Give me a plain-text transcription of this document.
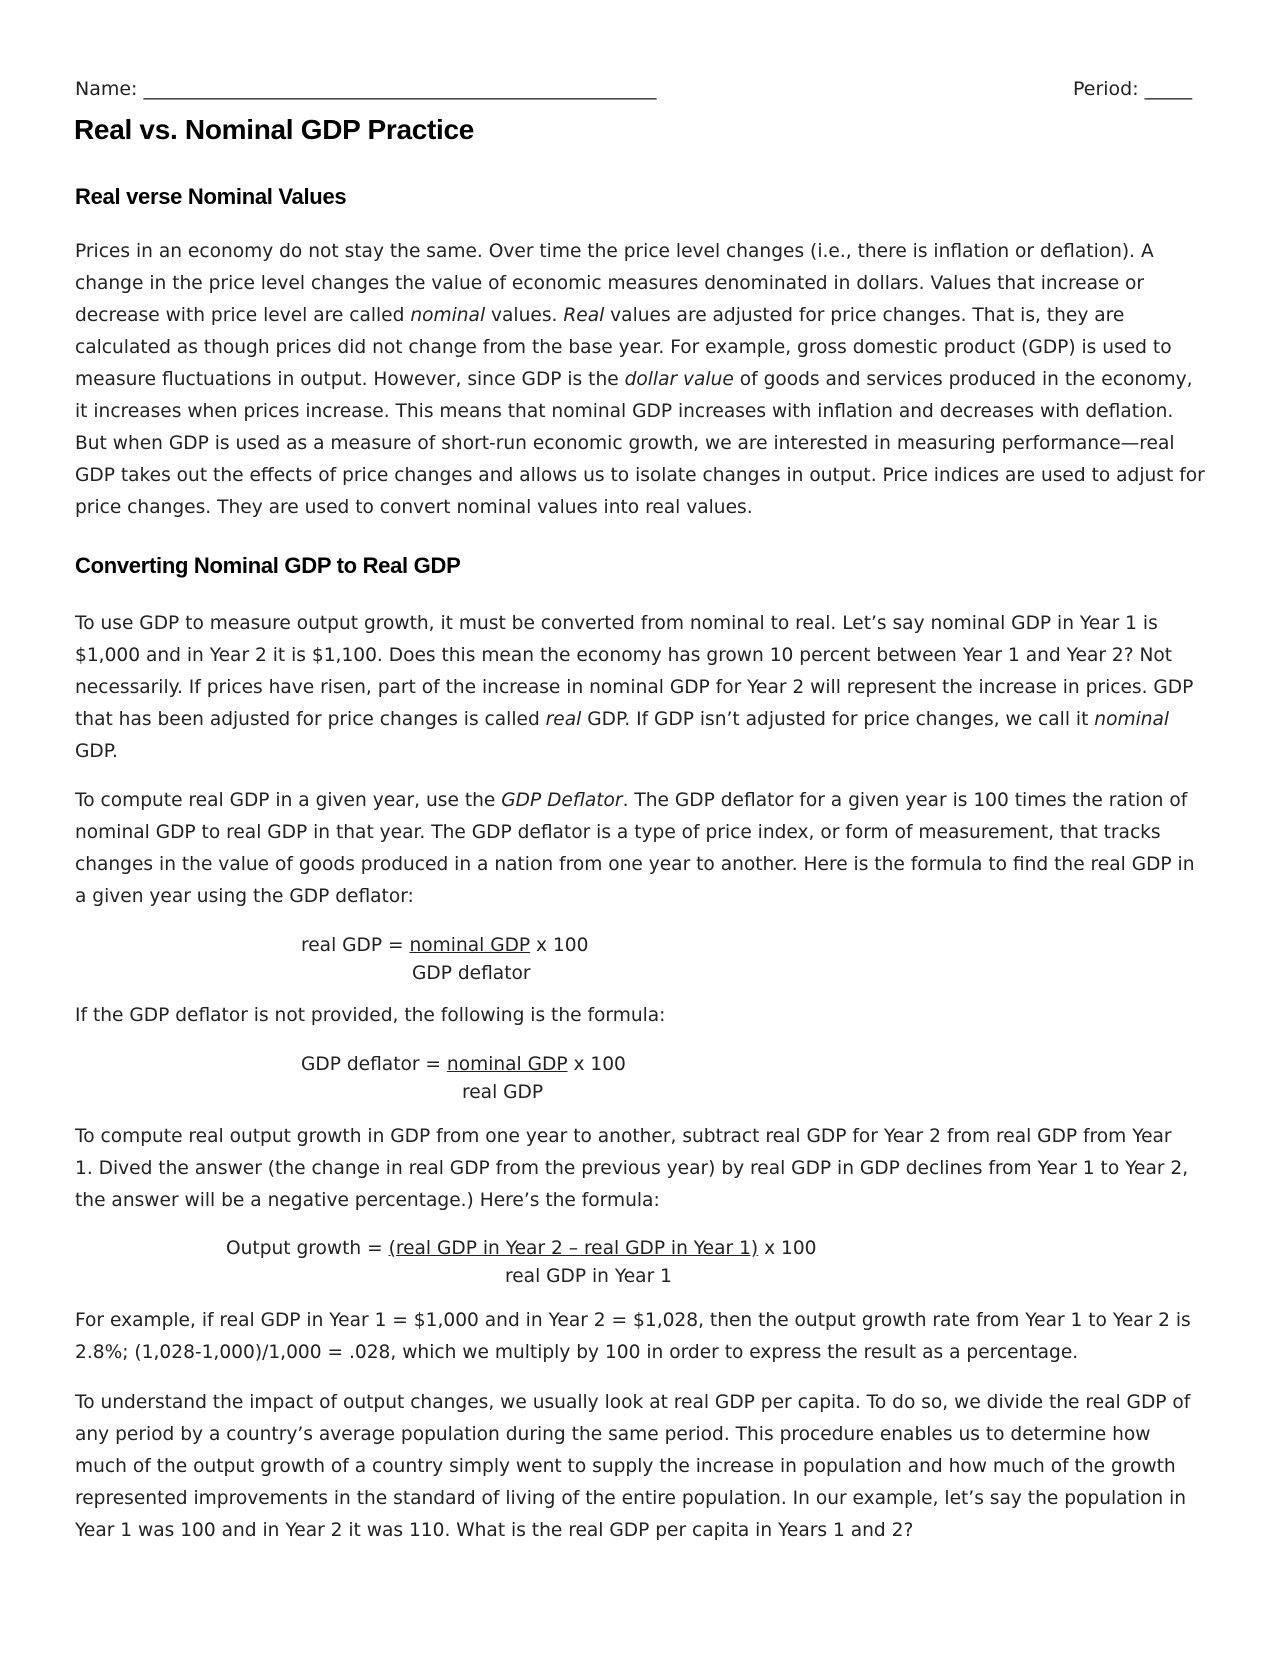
Name: ______________________________________________________	Period: _____
Real vs. Nominal GDP Practice
Real verse Nominal Values
Prices in an economy do not stay the same. Over time the price level changes (i.e., there is inflation or deflation). A
change in the price level changes the value of economic measures denominated in dollars. Values that increase or
decrease with price level are called nominal values. Real values are adjusted for price changes. That is, they are
calculated as though prices did not change from the base year. For example, gross domestic product (GDP) is used to
measure fluctuations in output. However, since GDP is the dollar value of goods and services produced in the economy,
it increases when prices increase. This means that nominal GDP increases with inflation and decreases with deflation.
But when GDP is used as a measure of short-run economic growth, we are interested in measuring performance—real
GDP takes out the effects of price changes and allows us to isolate changes in output. Price indices are used to adjust for
price changes. They are used to convert nominal values into real values.
Converting Nominal GDP to Real GDP
To use GDP to measure output growth, it must be converted from nominal to real. Let’s say nominal GDP in Year 1 is
$1,000 and in Year 2 it is $1,100. Does this mean the economy has grown 10 percent between Year 1 and Year 2? Not
necessarily. If prices have risen, part of the increase in nominal GDP for Year 2 will represent the increase in prices. GDP
that has been adjusted for price changes is called real GDP. If GDP isn’t adjusted for price changes, we call it nominal
GDP.
To compute real GDP in a given year, use the GDP Deflator. The GDP deflator for a given year is 100 times the ration of
nominal GDP to real GDP in that year. The GDP deflator is a type of price index, or form of measurement, that tracks
changes in the value of goods produced in a nation from one year to another. Here is the formula to find the real GDP in
a given year using the GDP deflator:
real GDP = nominal GDP x 100
GDP deflator
If the GDP deflator is not provided, the following is the formula:
GDP deflator = nominal GDP x 100
real GDP
To compute real output growth in GDP from one year to another, subtract real GDP for Year 2 from real GDP from Year
1. Dived the answer (the change in real GDP from the previous year) by real GDP in GDP declines from Year 1 to Year 2,
the answer will be a negative percentage.) Here’s the formula:
Output growth = (real GDP in Year 2 – real GDP in Year 1) x 100
real GDP in Year 1
For example, if real GDP in Year 1 = $1,000 and in Year 2 = $1,028, then the output growth rate from Year 1 to Year 2 is
2.8%; (1,028-1,000)/1,000 = .028, which we multiply by 100 in order to express the result as a percentage.
To understand the impact of output changes, we usually look at real GDP per capita. To do so, we divide the real GDP of
any period by a country’s average population during the same period. This procedure enables us to determine how
much of the output growth of a country simply went to supply the increase in population and how much of the growth
represented improvements in the standard of living of the entire population. In our example, let’s say the population in
Year 1 was 100 and in Year 2 it was 110. What is the real GDP per capita in Years 1 and 2?
